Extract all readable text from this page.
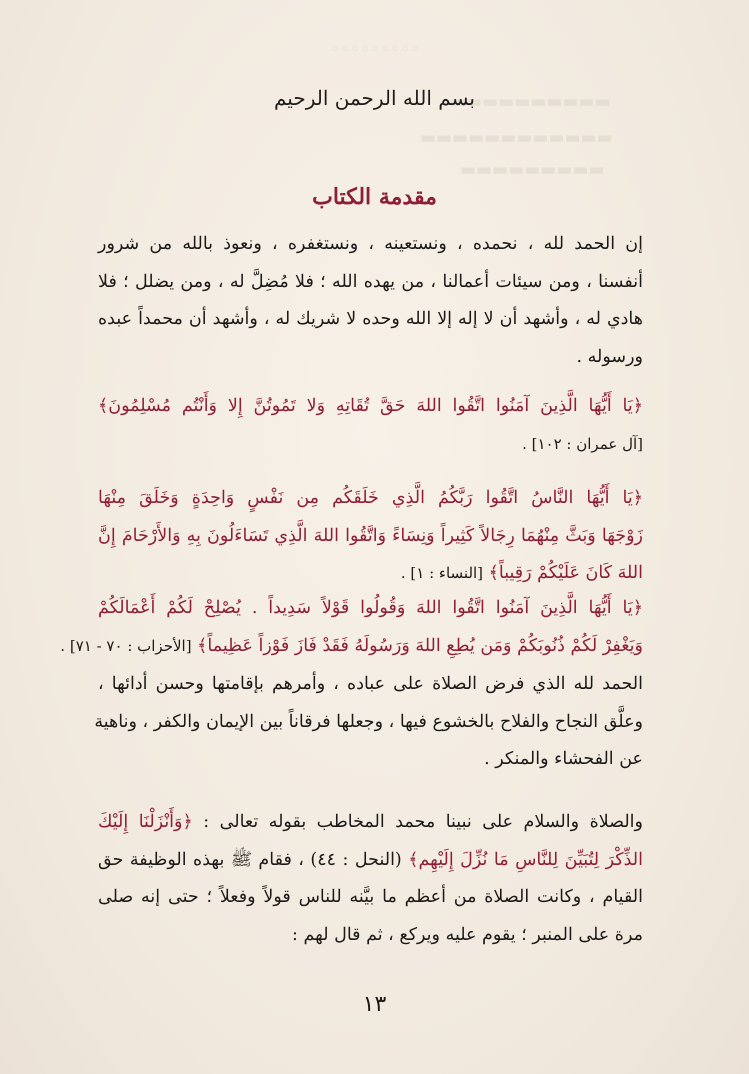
◦◦◦◦◦◦◦◦◦
▬▬▬▬▬▬▬▬▬▬
▬▬▬▬▬▬▬▬▬▬▬▬
▬▬▬▬▬▬▬▬▬
بسم الله الرحمن الرحيم
مقدمة الكتاب
إن الحمد لله ، نحمده ، ونستعينه ، ونستغفره ، ونعوذ بالله من شرور
أنفسنا ، ومن سيئات أعمالنا ، من يهده الله ؛ فلا مُضِلَّ له ، ومن يضلل ؛ فلا
هادي له ، وأشهد أن لا إله إلا الله وحده لا شريك له ، وأشهد أن محمداً عبده
ورسوله .
﴿يَا أَيُّهَا الَّذِينَ آمَنُوا اتَّقُوا اللهَ حَقَّ تُقَاتِهِ وَلا تَمُوتُنَّ إِلا وَأَنْتُم مُسْلِمُونَ﴾
[آل عمران : ١٠٢] .
﴿يَا أَيُّهَا النَّاسُ اتَّقُوا رَبَّكُمُ الَّذِي خَلَقَكُم مِن نَفْسٍ وَاحِدَةٍ وَخَلَقَ مِنْهَا
زَوْجَهَا وَبَثَّ مِنْهُمَا رِجَالاً كَثِيراً وَنِسَاءً وَاتَّقُوا اللهَ الَّذِي تَسَاءَلُونَ بِهِ وَالأَرْحَامَ إِنَّ
اللهَ كَانَ عَلَيْكُمْ رَقِيباً﴾ [النساء : ١] .
﴿يَا أَيُّهَا الَّذِينَ آمَنُوا اتَّقُوا اللهَ وَقُولُوا قَوْلاً سَدِيداً . يُصْلِحْ لَكُمْ أَعْمَالَكُمْ
وَيَغْفِرْ لَكُمْ ذُنُوبَكُمْ وَمَن يُطِعِ اللهَ وَرَسُولَهُ فَقَدْ فَازَ فَوْزاً عَظِيماً﴾ [الأحزاب : ٧٠ - ٧١] .
الحمد لله الذي فرض الصلاة على عباده ، وأمرهم بإقامتها وحسن أدائها ،
وعلَّق النجاح والفلاح بالخشوع فيها ، وجعلها فرقاناً بين الإيمان والكفر ، وناهية
عن الفحشاء والمنكر .
والصلاة والسلام على نبينا محمد المخاطب بقوله تعالى : ﴿وَأَنْزَلْنَا إِلَيْكَ
الذِّكْرَ لِتُبَيِّنَ لِلنَّاسِ مَا نُزِّلَ إِلَيْهِم﴾ (النحل : ٤٤) ، فقام ﷺ بهذه الوظيفة حق
القيام ، وكانت الصلاة من أعظم ما بيَّنه للناس قولاً وفعلاً ؛ حتى إنه صلى
مرة على المنبر ؛ يقوم عليه ويركع ، ثم قال لهم :
١٣
